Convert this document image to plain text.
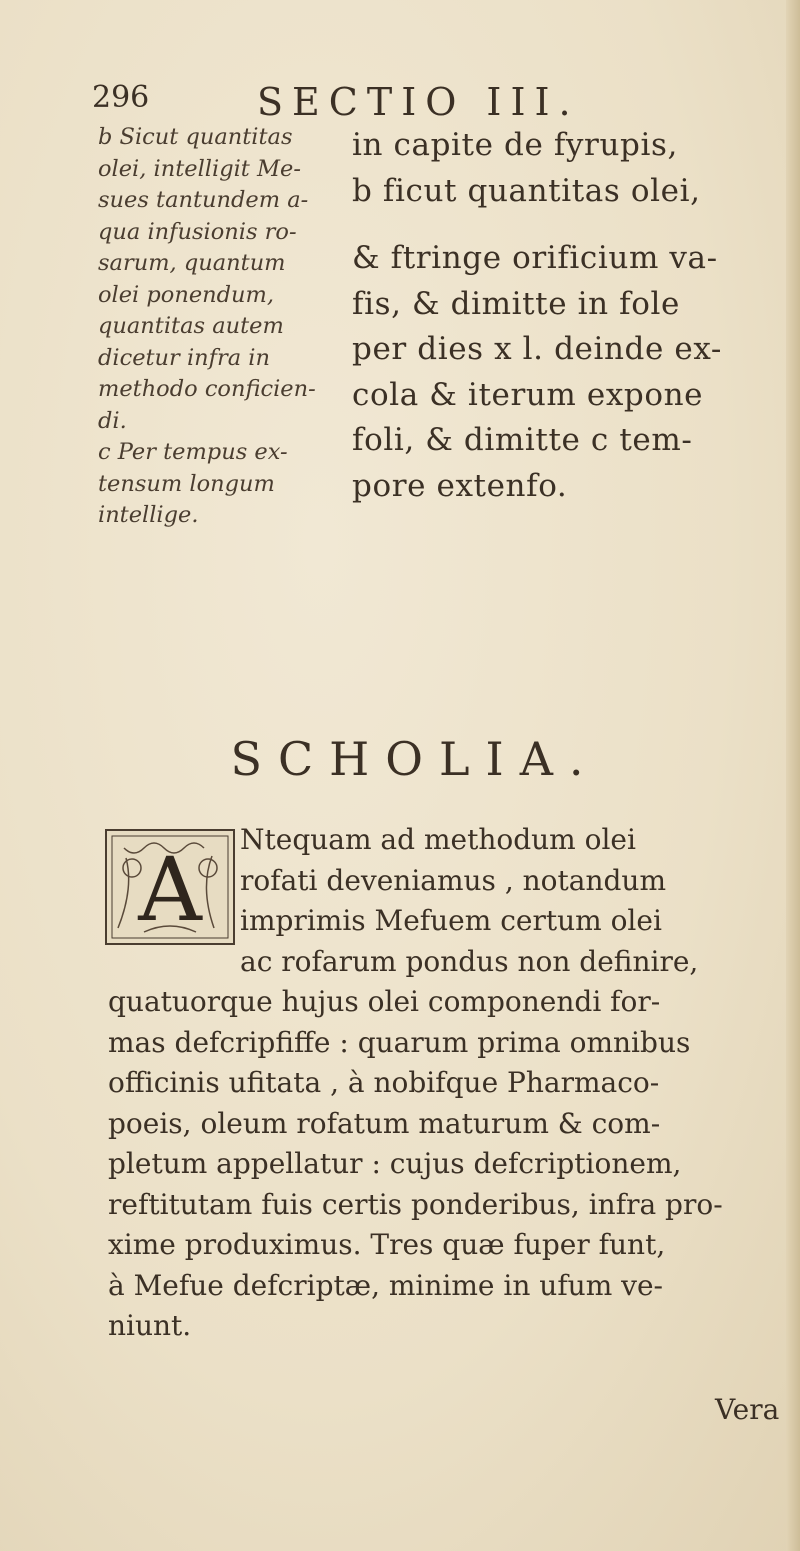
296	SECTIO III.
b Sicut quantitas
olei, intelligit Me-
sues tantundem a-
qua infusionis ro-
sarum, quantum
olei ponendum,
quantitas autem
dicetur infra in
methodo conficien-
di.
c Per tempus ex-
tensum longum
intellige.
in capite de fyrupis,
b ficut quantitas olei,
& ftringe orificium va-
fis, & dimitte in fole
per dies x l. deinde ex-
cola & iterum expone
foli, & dimitte c tem-
pore extenfo.
SCHOLIA.
A	Ntequam ad methodum olei
rofati deveniamus , notandum
imprimis Mefuem certum olei
ac rofarum pondus non definire,
quatuorque hujus olei componendi for-
mas defcripfiffe : quarum prima omnibus
officinis ufitata , à nobifque Pharmaco-
poeis, oleum rofatum maturum & com-
pletum appellatur : cujus defcriptionem,
reftitutam fuis certis ponderibus, infra pro-
xime produximus. Tres quæ fuper funt,
à Mefue defcriptæ, minime in ufum ve-
niunt.
Vera
